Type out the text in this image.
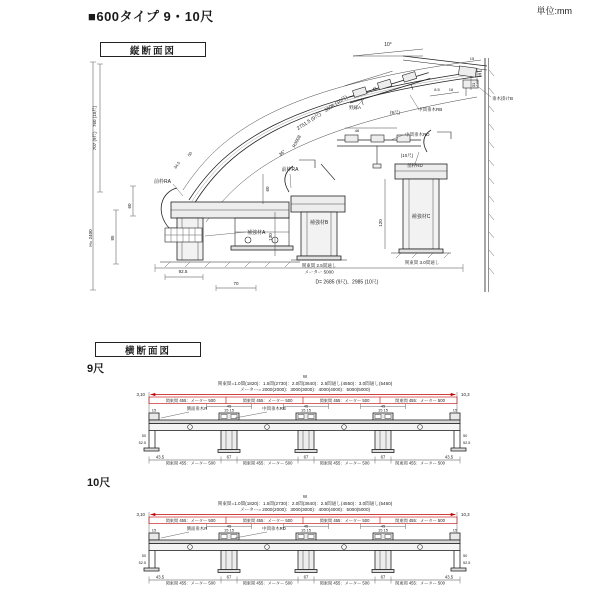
■600タイプ 9・10尺	単位:mm
縦断面図
10°
15
2751.5 (9尺)　3006 (10尺)
R3008
36°
50
34.5
前枠RA
60
85
H= 2400
707 (9尺)　760 (10尺)
92.5
70
補強材A
前枠RA
60
130
補強材B
関東間 2.5間通し
メーター 5000
120
補強材C
関東間 3.0間通し
D= 2685 (9尺)、2985 (10尺)
野縁A
(9尺)
中間垂木RB
45
46
中間垂木RD
(10尺)
前枠RD
8.5 16
垂木掛けB
56
31
横断面図
9尺
W
関東間=1.0間(1820)：1.5間(2730)：2.0間(3640)：2.5間通し(4550)：3.0間通し(5460)
メーター= 2000(2000)：3000(3000)：4000(4000)：5000(5000)
3,10	10,3
関東間 455：メーター 500	関東間 455：メーター 500	関東間 455：メーター 500	関東間 455：メーター 500
45	45	45
15 15	15 15	15 15
15	15
側面垂木R	中間垂木RB
67	67	67
43.5	43.5
50
52.5
50
52.5
関東間 455：メーター 500	関東間 455：メーター 500	関東間 455：メーター 500	関東間 455：メーター 500
10尺
W
関東間=1.0間(1820)：1.5間(2730)：2.0間(3640)：2.5間通し(4550)：3.0間通し(5460)
メーター= 2000(2000)：3000(3000)：4000(4000)：5000(5000)
3,10	10,3
関東間 455：メーター 500	関東間 455：メーター 500	関東間 455：メーター 500	関東間 455：メーター 500
45	45	45
15 15	15 15	15 15
15	15
側面垂木R	中間垂木RD
67	67	67
43.5	43.5
50
52.5
50
52.5
関東間 455：メーター 500	関東間 455：メーター 500	関東間 455：メーター 500	関東間 455：メーター 500
